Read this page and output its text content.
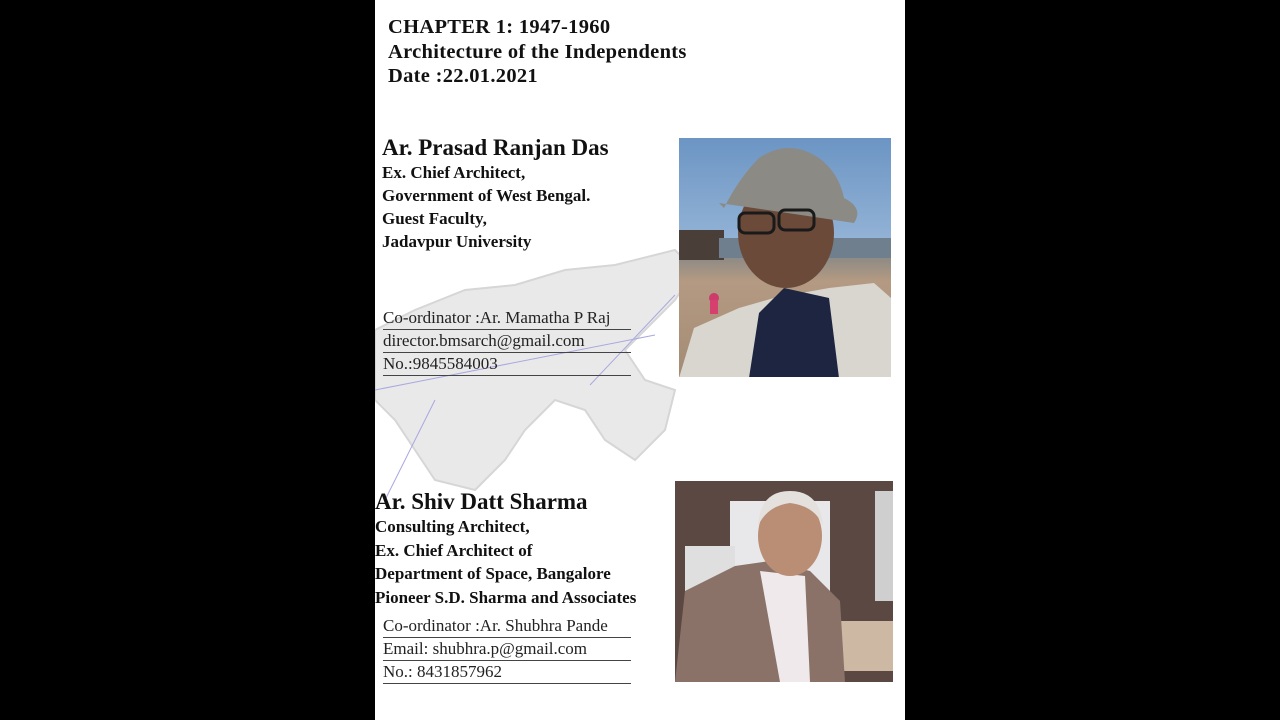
CHAPTER 1: 1947-1960
Architecture of the Independents
Date :22.01.2021
Ar. Prasad Ranjan Das
Ex. Chief Architect,
Government of West Bengal.
Guest Faculty,
Jadavpur University
Co-ordinator :Ar. Mamatha P Raj
director.bmsarch@gmail.com
No.:9845584003
Ar. Shiv Datt Sharma
Consulting Architect,
Ex. Chief Architect of
Department of Space, Bangalore
Pioneer S.D. Sharma and Associates
Co-ordinator :Ar. Shubhra Pande
Email: shubhra.p@gmail.com
No.: 8431857962
